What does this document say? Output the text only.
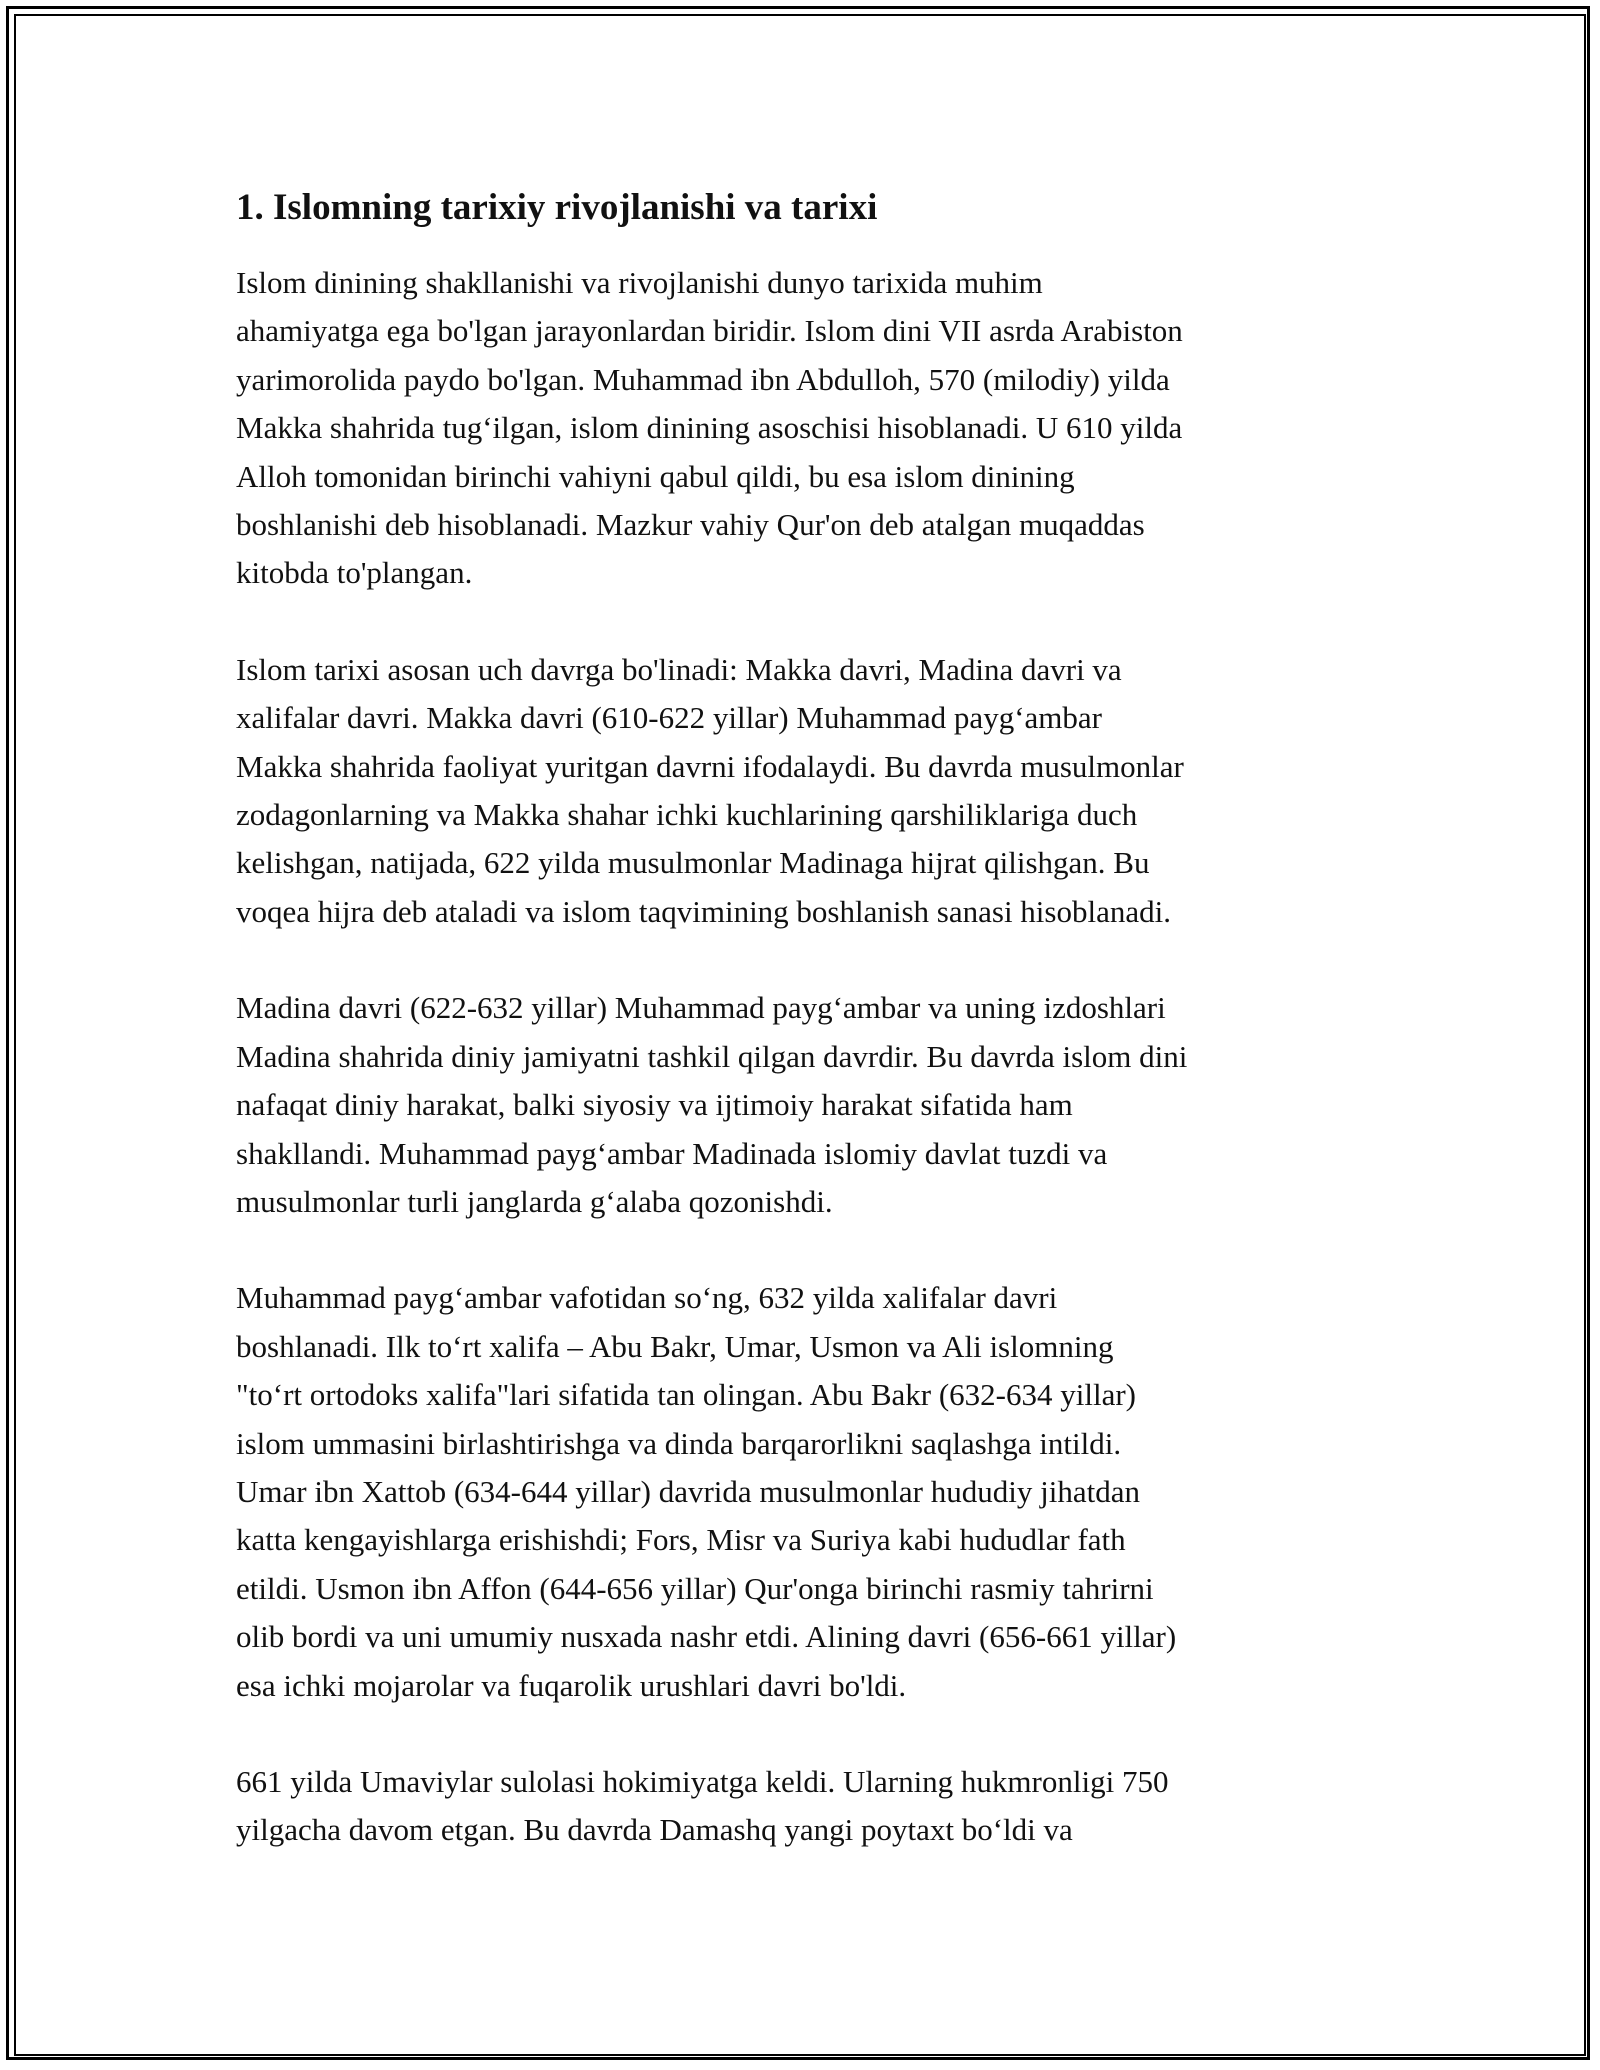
1. Islomning tarixiy rivojlanishi va tarixi

Islom dinining shakllanishi va rivojlanishi dunyo tarixida muhim
ahamiyatga ega bo'lgan jarayonlardan biridir. Islom dini VII asrda Arabiston
yarimorolida paydo bo'lgan. Muhammad ibn Abdulloh, 570 (milodiy) yilda
Makka shahrida tug‘ilgan, islom dinining asoschisi hisoblanadi. U 610 yilda
Alloh tomonidan birinchi vahiyni qabul qildi, bu esa islom dinining
boshlanishi deb hisoblanadi. Mazkur vahiy Qur'on deb atalgan muqaddas
kitobda to'plangan.

Islom tarixi asosan uch davrga bo'linadi: Makka davri, Madina davri va
xalifalar davri. Makka davri (610-622 yillar) Muhammad payg‘ambar
Makka shahrida faoliyat yuritgan davrni ifodalaydi. Bu davrda musulmonlar
zodagonlarning va Makka shahar ichki kuchlarining qarshiliklariga duch
kelishgan, natijada, 622 yilda musulmonlar Madinaga hijrat qilishgan. Bu
voqea hijra deb ataladi va islom taqvimining boshlanish sanasi hisoblanadi.

Madina davri (622-632 yillar) Muhammad payg‘ambar va uning izdoshlari
Madina shahrida diniy jamiyatni tashkil qilgan davrdir. Bu davrda islom dini
nafaqat diniy harakat, balki siyosiy va ijtimoiy harakat sifatida ham
shakllandi. Muhammad payg‘ambar Madinada islomiy davlat tuzdi va
musulmonlar turli janglarda g‘alaba qozonishdi.

Muhammad payg‘ambar vafotidan so‘ng, 632 yilda xalifalar davri
boshlanadi. Ilk to‘rt xalifa – Abu Bakr, Umar, Usmon va Ali islomning
"to‘rt ortodoks xalifa"lari sifatida tan olingan. Abu Bakr (632-634 yillar)
islom ummasini birlashtirishga va dinda barqarorlikni saqlashga intildi.
Umar ibn Xattob (634-644 yillar) davrida musulmonlar hududiy jihatdan
katta kengayishlarga erishishdi; Fors, Misr va Suriya kabi hududlar fath
etildi. Usmon ibn Affon (644-656 yillar) Qur'onga birinchi rasmiy tahrirni
olib bordi va uni umumiy nusxada nashr etdi. Alining davri (656-661 yillar)
esa ichki mojarolar va fuqarolik urushlari davri bo'ldi.

661 yilda Umaviylar sulolasi hokimiyatga keldi. Ularning hukmronligi 750
yilgacha davom etgan. Bu davrda Damashq yangi poytaxt bo‘ldi va
